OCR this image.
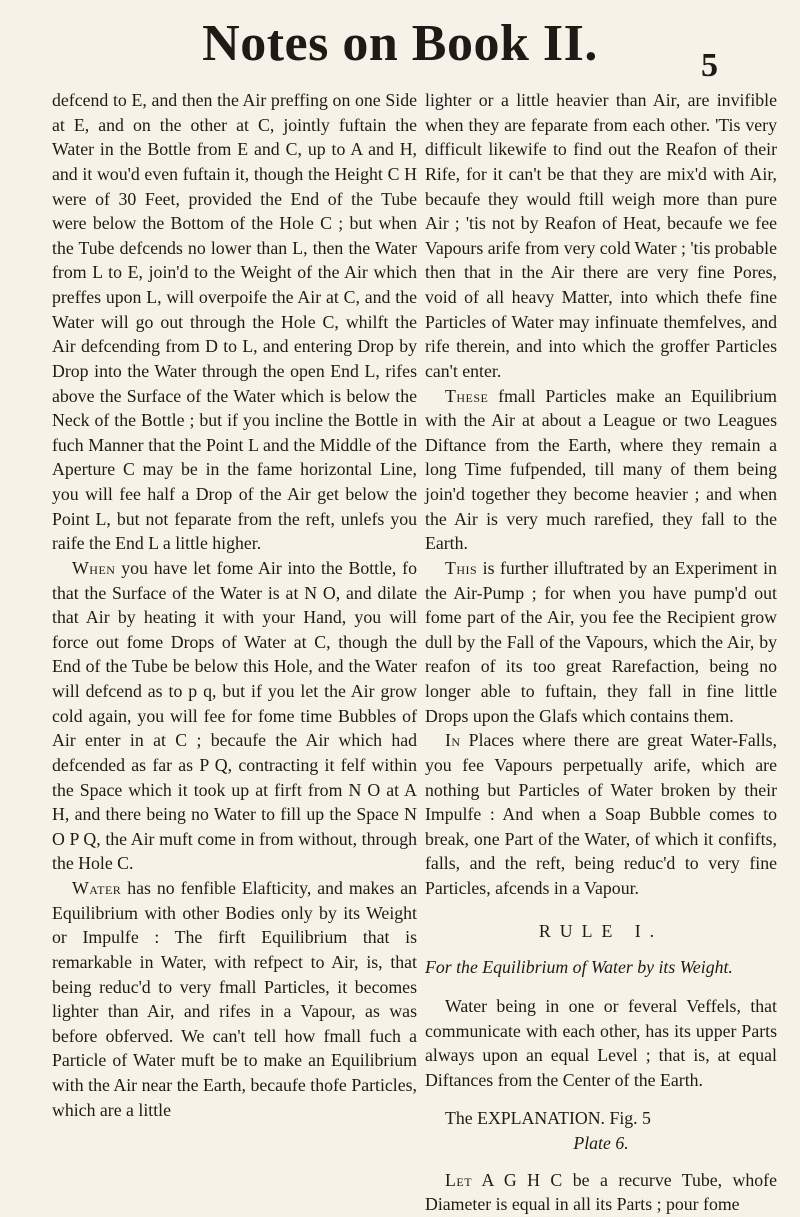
Notes on Book II.	5

defcend to E, and then the Air preffing on one Side at E, and on the other at C, jointly fuftain the Water in the Bottle from E and C, up to A and H, and it wou'd even fuftain it, though the Height C H were of 30 Feet, provided the End of the Tube were below the Bottom of the Hole C ; but when the Tube defcends no lower than L, then the Water from L to E, join'd to the Weight of the Air which preffes upon L, will overpoife the Air at C, and the Water will go out through the Hole C, whilft the Air defcending from D to L, and entering Drop by Drop into the Water through the open End L, rifes above the Surface of the Water which is below the Neck of the Bottle ; but if you incline the Bottle in fuch Manner that the Point L and the Middle of the Aperture C may be in the fame horizontal Line, you will fee half a Drop of the Air get below the Point L, but not feparate from the reft, unlefs you raife the End L a little higher.

When you have let fome Air into the Bottle, fo that the Surface of the Water is at N O, and dilate that Air by heating it with your Hand, you will force out fome Drops of Water at C, though the End of the Tube be below this Hole, and the Water will defcend as to p q, but if you let the Air grow cold again, you will fee for fome time Bubbles of Air enter in at C ; becaufe the Air which had defcended as far as P Q, contracting it felf within the Space which it took up at firft from N O at A H, and there being no Water to fill up the Space N O P Q, the Air muft come in from without, through the Hole C.

Water has no fenfible Elafticity, and makes an Equilibrium with other Bodies only by its Weight or Impulfe : The firft Equilibrium that is remarkable in Water, with refpect to Air, is, that being reduc'd to very fmall Particles, it becomes lighter than Air, and rifes in a Vapour, as was before obferved. We can't tell how fmall fuch a Particle of Water muft be to make an Equilibrium with the Air near the Earth, becaufe thofe Particles, which are a little

lighter or a little heavier than Air, are invifible when they are feparate from each other. 'Tis very difficult likewife to find out the Reafon of their Rife, for it can't be that they are mix'd with Air, becaufe they would ftill weigh more than pure Air ; 'tis not by Reafon of Heat, becaufe we fee Vapours arife from very cold Water ; 'tis probable then that in the Air there are very fine Pores, void of all heavy Matter, into which thefe fine Particles of Water may infinuate themfelves, and rife therein, and into which the groffer Particles can't enter.

These fmall Particles make an Equilibrium with the Air at about a League or two Leagues Diftance from the Earth, where they remain a long Time fufpended, till many of them being join'd together they become heavier ; and when the Air is very much rarefied, they fall to the Earth.

This is further illuftrated by an Experiment in the Air-Pump ; for when you have pump'd out fome part of the Air, you fee the Recipient grow dull by the Fall of the Vapours, which the Air, by reafon of its too great Rarefaction, being no longer able to fuftain, they fall in fine little Drops upon the Glafs which contains them.

In Places where there are great Water-Falls, you fee Vapours perpetually arife, which are nothing but Particles of Water broken by their Impulfe : And when a Soap Bubble comes to break, one Part of the Water, of which it confifts, falls, and the reft, being reduc'd to very fine Particles, afcends in a Vapour.

RULE I.

For the Equilibrium of Water by its Weight.

Water being in one or feveral Veffels, that communicate with each other, has its upper Parts always upon an equal Level ; that is, at equal Diftances from the Center of the Earth.

The EXPLANATION. Fig. 5

Plate 6.

Let A G H C be a recurve Tube, whofe Diameter is equal in all its Parts ; pour fome
